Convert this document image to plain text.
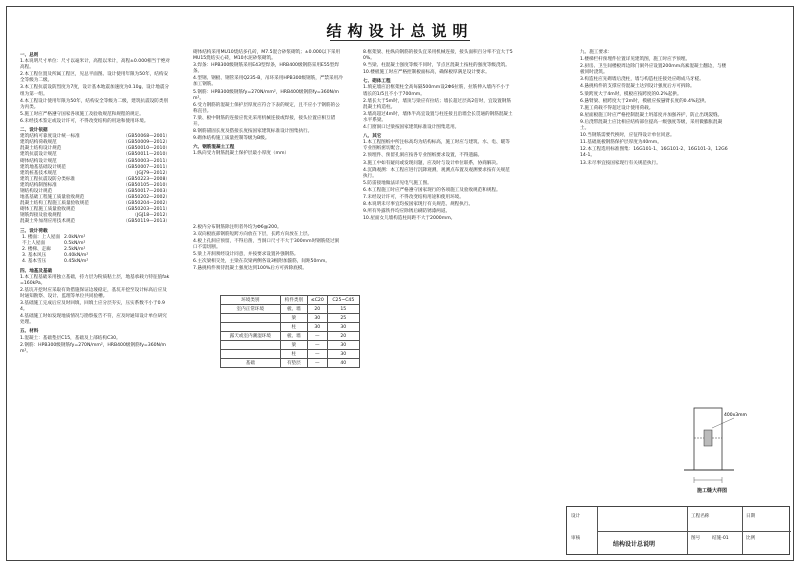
结构设计总说明
一、总则
1.本说明尺寸单位：尺寸以毫米计，高程以米计，高程±0.000相当于绝对高程。
2.本工程位置及所属工程区，见总平面图。设计使用年限为50年，结构安全等级为二级。
3.本工程抗震设防烈度为7度，设计基本地震加速度为0.10g，设计地震分组为第一组。
4.本工程设计使用年限为50年，结构安全等级为二级，建筑抗震设防类别为丙类。
5.施工时应严格遵守国家各项施工及验收规范和规程的规定。
6.未经技术鉴定或设计许可，不得改变结构的用途和使用环境。
二、设计依据
建筑结构可靠度设计统一标准	（GB50068—2001）
建筑结构荷载规范	（GB50009—2012）
混凝土结构设计规范	（GB50010—2010）
建筑抗震设计规范	（GB50011—2010）
砌体结构设计规范	（GB50003—2011）
建筑地基基础设计规范	（GB50007—2011）
建筑桩基技术规范	（JGJ79—2012）
建筑工程抗震设防分类标准	（GB50223—2008）
建筑结构制图标准	（GB50105—2010）
钢结构设计规范	（GB50017—2003）
地基基础工程施工质量验收规范	（GB50202—2002）
混凝土结构工程施工质量验收规范	（GB50204—2002）
砌体工程施工质量验收规范	（GB50203—2011）
钢筋焊接及验收规程	（JGJ18—2012）
混凝土外加剂应用技术规范	（GB50119—2013）
三、设计荷载
1. 楼面：上人屋面	2.0kN/m²
不上人屋面	0.5kN/m²
2. 楼梯、走廊	2.5kN/m²
3. 基本风压	0.40kN/m²
4. 基本雪压	0.45kN/m²
四、地基及基础
1.本工程基础采用独立基础，持力层为粉质粘土层，地基承载力特征值fak=160kPa。
2.基坑开挖时应采取有效措施保证边坡稳定，基坑开挖至设计标高后应及时通知勘察、设计、监理等单位共同验槽。
3.基础施工完成后应及时回填，回填土应分层夯实，压实系数不小于0.94。
4.基础施工时如发现地质情况与勘察报告不符，应及时通知设计单位研究处理。
五、材料
1.混凝土：基础垫层C15，基础及上部结构C30。
2.钢筋：HPB300级钢筋fy=270N/mm²，HRB400级钢筋fy=360N/mm²。
砌体结构采用MU10烧结多孔砖，M7.5混合砂浆砌筑；±0.000以下采用MU15烧结实心砖，M10水泥砂浆砌筑。
3.焊条：HPB300级钢筋采用E43型焊条，HRB400级钢筋采用E55型焊条。
4.型钢、钢板、钢管采用Q235-B，吊环采用HPB300级钢筋，严禁采用冷加工钢筋。
5.钢筋：HPB300级钢筋fy=270N/mm²，HRB400级钢筋fy=360N/mm²。
6.受力钢筋的混凝土保护层厚度应符合下表的规定，且不应小于钢筋的公称直径。
7.梁、板中钢筋的连接应优先采用机械连接或焊接，接头位置应相互错开。
8.钢筋锚固长度及搭接长度按国家建筑标准设计图集执行。
9.砌体结构施工质量控制等级为B级。
六、钢筋混凝土工程
1.纵向受力钢筋混凝土保护层最小厚度（mm）
2.板内分布钢筋除注明者外均为Φ6@200。
3.双向板底部钢筋短跨方向放在下层，长跨方向放在上层。
4.板上孔洞应预留，不得后凿，当洞口尺寸不大于300mm时钢筋绕过洞口不需切断。
5.梁上开洞须经设计同意，并按要求设置补强钢筋。
6.主次梁相交处，主梁在次梁两侧各设3根附加箍筋，间距50mm。
7.悬挑构件须待混凝土强度达到100%后方可拆除底模。
环境类别	构件类别	≤C20	C25~C45
室内正常环境	板、墙	20	15
	梁	30	25
	柱	30	30
露天或室内潮湿环境	板、墙	—	20
	梁	—	30
	柱	—	30
基础	有垫层	—	40
8.框架梁、柱纵向钢筋的接头宜采用机械连接，接头面积百分率不宜大于50%。
9.当梁、柱混凝土强度等级不同时，节点区混凝土按柱的强度等级浇筑。
10.楼板施工时应严格控制板面标高，确保板厚满足设计要求。
七、砌体工程
1.填充墙应沿框架柱全高每隔500mm设2Φ6拉筋，拉筋伸入墙内不小于墙长的1/5且不小于700mm。
2.墙长大于5m时，墙顶与梁应有拉结；墙长超过层高2倍时，宜设置钢筋混凝土构造柱。
3.墙高超过4m时，墙体半高宜设置与柱连接且沿墙全长贯通的钢筋混凝土水平系梁。
4.门窗洞口过梁按国家建筑标准设计图集选用。
八、其它
1.本工程图纸中所注标高均为结构标高，施工时应与建筑、水、电、暖等专业图纸密切配合。
2.预埋件、预留孔洞应按各专业图纸要求设置，不得遗漏。
3.施工中如有疑问或发现问题，应及时与设计单位联系，协商解决。
4.沉降观测：本工程应进行沉降观测，观测点布置及观测要求按有关规范执行。
5.防雷接地做法详见电气施工图。
6.本工程施工时应严格遵守国家现行的各项施工及验收规范和规程。
7.未经设计许可，不得改变结构用途和使用环境。
8.本说明未尽事宜均按国家现行有关规范、规程执行。
9.所有外露铁件均应除锈后刷防锈漆两道。
10.屋面女儿墙构造柱间距不大于2000mm。
九、施工要求：
1.楼梯栏杆预埋件位置详见建筑图，施工时应予预埋。
2.厨房、卫生间楼板周边除门洞外应设置200mm高素混凝土翻边，与楼板同时浇筑。
3.构造柱应先砌墙后浇柱，墙与构造柱连接处应砌成马牙槎。
4.悬挑构件的支撑应待混凝土达到设计强度后方可拆除。
5.梁跨度大于4m时，模板应按跨度的0.2%起拱。
6.悬臂梁、板跨度大于2m时，模板应按悬臂长度的0.4%起拱。
7.施工荷载不得超过设计使用荷载。
8.屋面板施工时应严格控制混凝土坍落度并加强养护，防止出现裂缝。
9.后浇带混凝土应比相应结构部位提高一级强度等级，采用微膨胀混凝土。
10.当钢筋需要代换时，应征得设计单位同意。
11.基础底板钢筋保护层厚度为40mm。
12.本工程选用标准图集：16G101-1、16G101-2、16G101-3、12G614-1。
13.未尽事宜按国家现行有关规范执行。
400x3mm
施工缝大样图
设计
审核
结构设计总说明
工程名称
图号	结施-01
日期
比例
